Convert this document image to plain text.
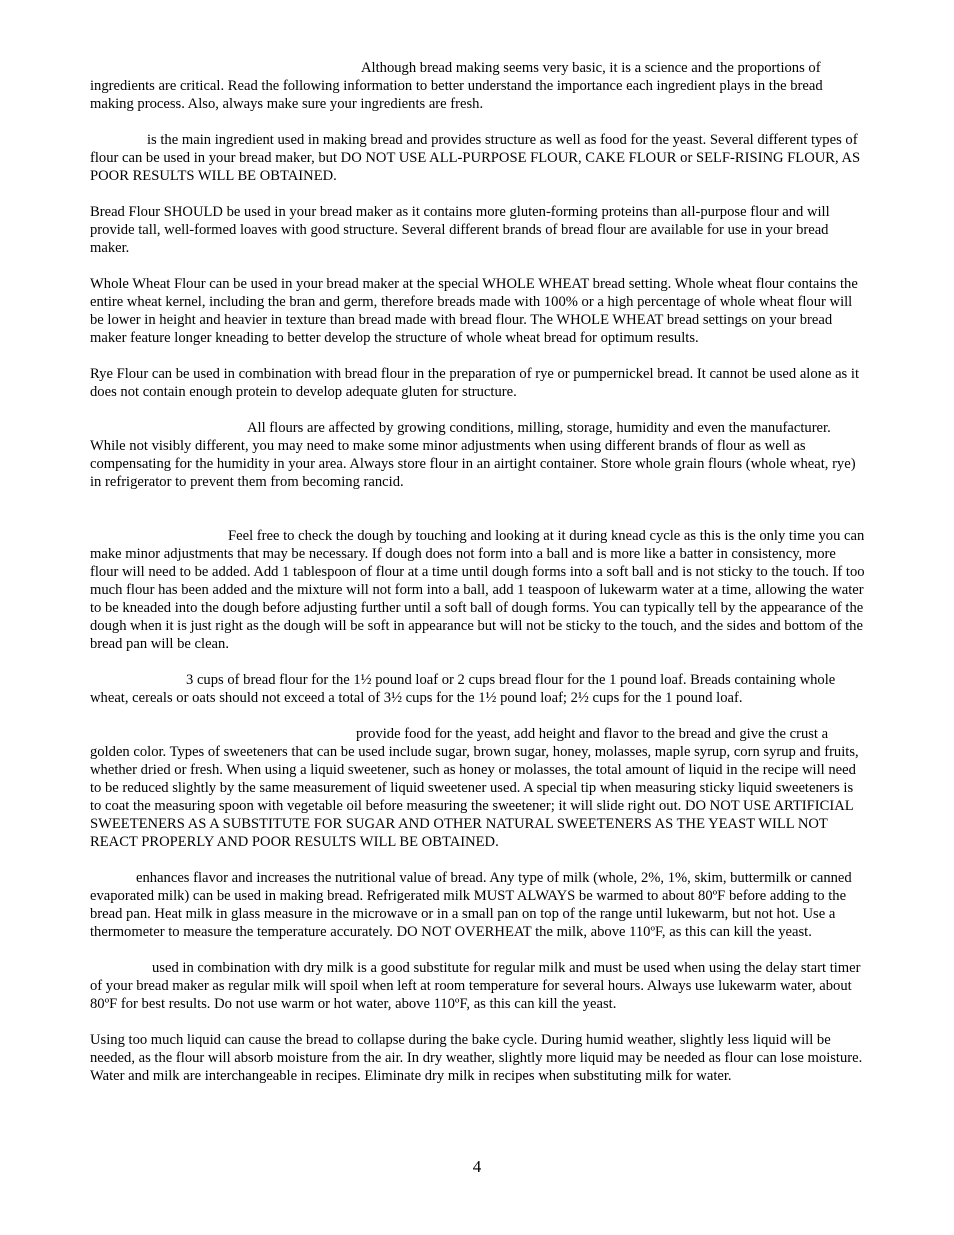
Although bread making seems very basic, it is a science and the proportions of ingredients are critical. Read the following information to better understand the importance each ingredient plays in the bread making process. Also, always make sure your ingredients are fresh.

is the main ingredient used in making bread and provides structure as well as food for the yeast. Several different types of flour can be used in your bread maker, but DO NOT USE ALL-PURPOSE FLOUR, CAKE FLOUR or SELF-RISING FLOUR, AS POOR RESULTS WILL BE OBTAINED.

Bread Flour SHOULD be used in your bread maker as it contains more gluten-forming proteins than all-purpose flour and will provide tall, well-formed loaves with good structure. Several different brands of bread flour are available for use in your bread maker.

Whole Wheat Flour can be used in your bread maker at the special WHOLE WHEAT bread setting. Whole wheat flour contains the entire wheat kernel, including the bran and germ, therefore breads made with 100% or a high percentage of whole wheat flour will be lower in height and heavier in texture than bread made with bread flour. The WHOLE WHEAT bread settings on your bread maker feature longer kneading to better develop the structure of whole wheat bread for optimum results.

Rye Flour can be used in combination with bread flour in the preparation of rye or pumpernickel bread. It cannot be used alone as it does not contain enough protein to develop adequate gluten for structure.

All flours are affected by growing conditions, milling, storage, humidity and even the manufacturer. While not visibly different, you may need to make some minor adjustments when using different brands of flour as well as compensating for the humidity in your area. Always store flour in an airtight container. Store whole grain flours (whole wheat, rye) in refrigerator to prevent them from becoming rancid.

Feel free to check the dough by touching and looking at it during knead cycle as this is the only time you can make minor adjustments that may be necessary. If dough does not form into a ball and is more like a batter in consistency, more flour will need to be added. Add 1 tablespoon of flour at a time until dough forms into a soft ball and is not sticky to the touch. If too much flour has been added and the mixture will not form into a ball, add 1 teaspoon of lukewarm water at a time, allowing the water to be kneaded into the dough before adjusting further until a soft ball of dough forms. You can typically tell by the appearance of the dough when it is just right as the dough will be soft in appearance but will not be sticky to the touch, and the sides and bottom of the bread pan will be clean.

3 cups of bread flour for the 1½ pound loaf or 2 cups bread flour for the 1 pound loaf. Breads containing whole wheat, cereals or oats should not exceed a total of 3½ cups for the 1½ pound loaf; 2½ cups for the 1 pound loaf.

provide food for the yeast, add height and flavor to the bread and give the crust a golden color. Types of sweeteners that can be used include sugar, brown sugar, honey, molasses, maple syrup, corn syrup and fruits, whether dried or fresh. When using a liquid sweetener, such as honey or molasses, the total amount of liquid in the recipe will need to be reduced slightly by the same measurement of liquid sweetener used. A special tip when measuring sticky liquid sweeteners is to coat the measuring spoon with vegetable oil before measuring the sweetener; it will slide right out. DO NOT USE ARTIFICIAL SWEETENERS AS A SUBSTITUTE FOR SUGAR AND OTHER NATURAL SWEETENERS AS THE YEAST WILL NOT REACT PROPERLY AND POOR RESULTS WILL BE OBTAINED.

enhances flavor and increases the nutritional value of bread. Any type of milk (whole, 2%, 1%, skim, buttermilk or canned evaporated milk) can be used in making bread. Refrigerated milk MUST ALWAYS be warmed to about 80ºF before adding to the bread pan. Heat milk in glass measure in the microwave or in a small pan on top of the range until lukewarm, but not hot. Use a thermometer to measure the temperature accurately. DO NOT OVERHEAT the milk, above 110ºF, as this can kill the yeast.

used in combination with dry milk is a good substitute for regular milk and must be used when using the delay start timer of your bread maker as regular milk will spoil when left at room temperature for several hours. Always use lukewarm water, about 80ºF for best results. Do not use warm or hot water, above 110ºF, as this can kill the yeast.

Using too much liquid can cause the bread to collapse during the bake cycle. During humid weather, slightly less liquid will be needed, as the flour will absorb moisture from the air. In dry weather, slightly more liquid may be needed as flour can lose moisture. Water and milk are interchangeable in recipes. Eliminate dry milk in recipes when substituting milk for water.

4
